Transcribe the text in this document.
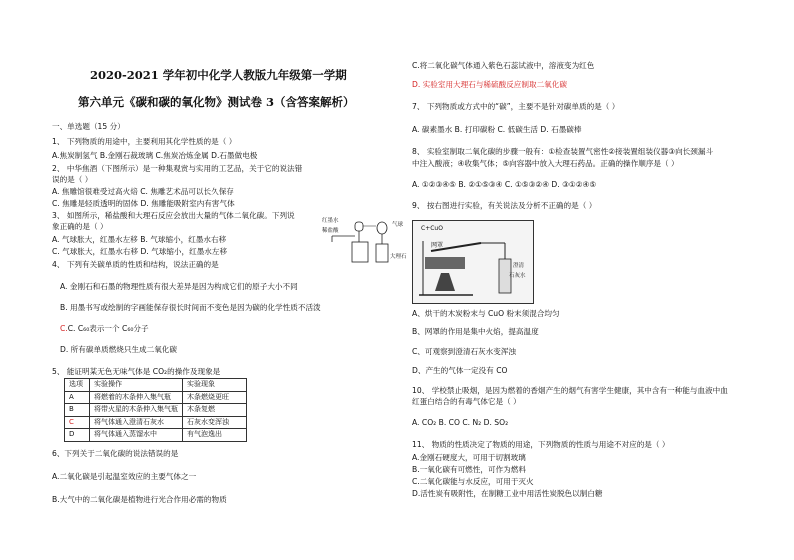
2020-2021 学年初中化学人教版九年级第一学期
第六单元《碳和碳的氧化物》测试卷 3（含答案解析）
一、单选题（15 分）
1、 下列物质的用途中，主要利用其化学性质的是（ ）
A.焦炭制氢气 B.金刚石裁玻璃 C.焦炭冶炼金属 D.石墨做电极
2、 中华焦酒（下图所示）是一种集观赏与实用的工艺品，关于它的说法错
误的是（ ）
A. 焦雕馆很难受过高火焙 C. 焦雕艺术品可以长久保存
C. 焦雕是轻质透明的固体 D. 焦雕能吸附室内有害气体
3、 如图所示，稀盐酸和大理石反应会放出大量的气体二氧化碳。下列说
象正确的是（ ）
A. 气球胀大，红墨水左移 B. 气球缩小，红墨水右移
C. 气球胀大，红墨水右移 D. 气球缩小，红墨水左移
红墨水
稀盐酸
气球
大理石
4、 下列有关碳单质的性质和结构，说法正确的是
A. 金刚石和石墨的物理性质有很大差异是因为构成它们的原子大小不同
B. 用墨书写或绘制的字画能保存很长时间而不变色是因为碳的化学性质不活泼
C.C. C₆₀表示一个 C₆₀分子
D. 所有碳单质燃烧只生成二氧化碳
5、 能证明某无色无味气体是 CO₂的操作及现象是
选项	实验操作	实验现象
A	将燃着的木条伸入集气瓶	木条燃烧更旺
B	将带火星的木条伸入集气瓶	木条复燃
C	将气体通入澄清石灰水	石灰水变浑浊
D	将气体通入蒸馏水中	有气泡逸出
6、下列关于二氧化碳的说法错误的是
A.二氧化碳是引起温室效应的主要气体之一
B.大气中的二氧化碳是植物进行光合作用必需的物质
C.将二氧化碳气体通入紫色石蕊试液中，溶液变为红色
D. 实验室用大理石与稀硫酸反应制取二氧化碳
7、 下列物质或方式中的“碳”，主要不是针对碳单质的是（ ）
A. 碳素墨水 B. 打印碳粉 C. 低碳生活 D. 石墨碳棒
8、 实验室制取二氧化碳的步骤一般有：①检查装置气密性②接装置组装仪器③向长颈漏斗
中注入酸液；④收集气体；⑤向容器中放入大理石药品。正确的操作顺序是（ ）
A. ①②③④⑤ B. ②①⑤③④ C. ①⑤③②④ D. ③①②④⑤
9、 按右图进行实验，有关说法及分析不正确的是（ ）
C+CuO
网罩
澄清
石灰水
A、烘干的木炭粉末与 CuO 粉末须混合均匀
B、网罩的作用是集中火焰，提高温度
C、可观察到澄清石灰水变浑浊
D、产生的气体一定没有 CO
10、 学校禁止吸烟，是因为燃着的香烟产生的烟气有害学生健康，其中含有一种能与血液中血
红蛋白结合的有毒气体它是（ ）
A. CO₂ B. CO C. N₂ D. SO₂
11、 物质的性质决定了物质的用途，下列物质的性质与用途不对应的是（ ）
A.金刚石硬度大，可用于切割玻璃
B.一氧化碳有可燃性，可作为燃料
C.二氧化碳能与水反应，可用于灭火
D.活性炭有吸附性，在制糖工业中用活性炭脱色以制白糖
